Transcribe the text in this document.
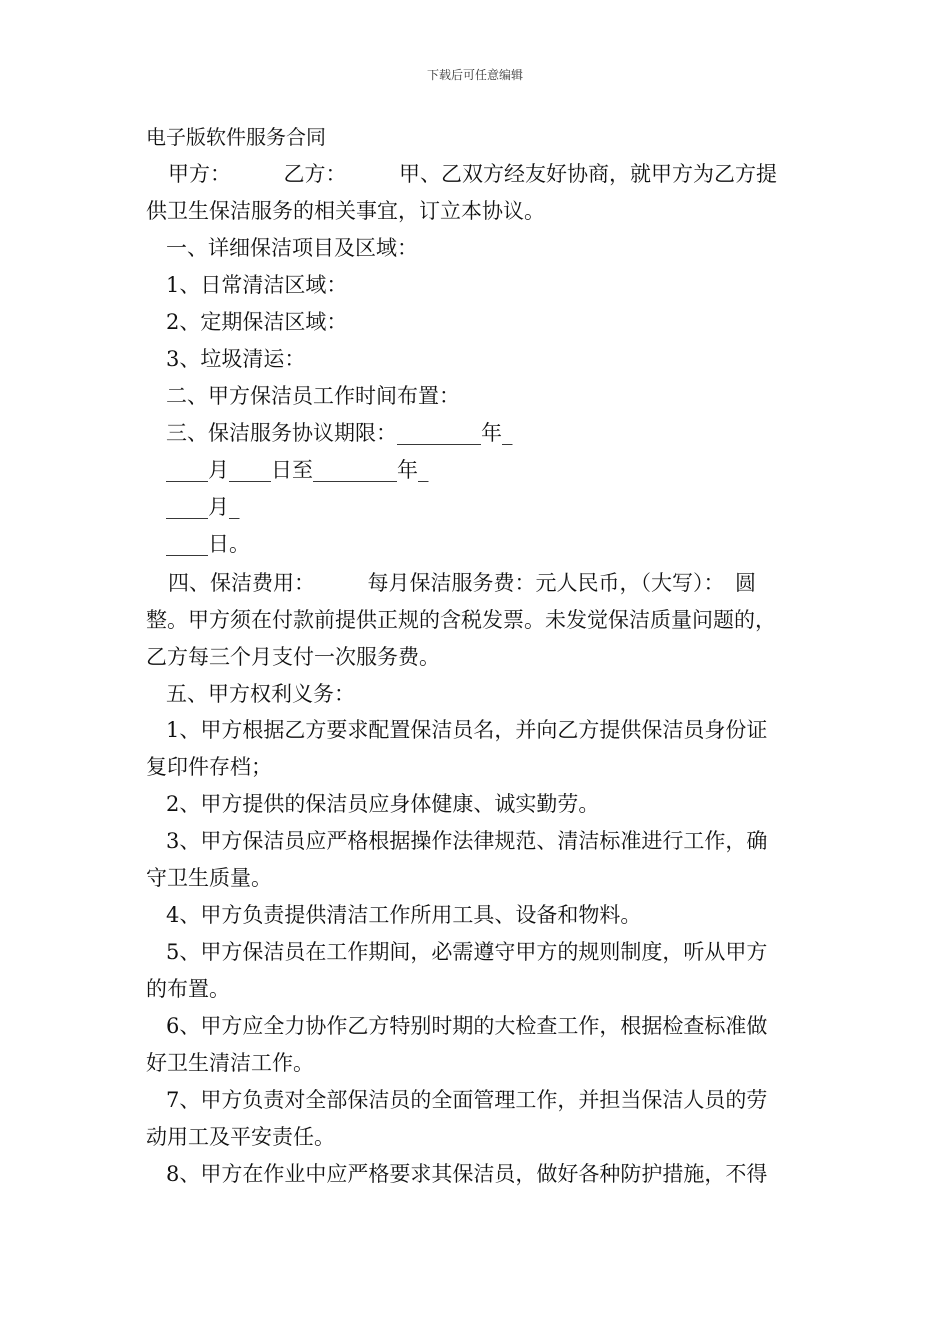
下载后可任意编辑
电子版软件服务合同
甲方：　　　乙方：　　　甲、乙双方经友好协商，就甲方为乙方提
供卫生保洁服务的相关事宜，订立本协议。
一、详细保洁项目及区域：
1、日常清洁区域：
2、定期保洁区域：
3、垃圾清运：
二、甲方保洁员工作时间布置：
三、保洁服务协议期限：________年_
____月____日至________年_
____月_
____日。
四、保洁费用：　　　每月保洁服务费：元人民币，（大写）：　圆
整。甲方须在付款前提供正规的含税发票。未发觉保洁质量问题的，
乙方每三个月支付一次服务费。
五、甲方权利义务：
1、甲方根据乙方要求配置保洁员名，并向乙方提供保洁员身份证
复印件存档；
2、甲方提供的保洁员应身体健康、诚实勤劳。
3、甲方保洁员应严格根据操作法律规范、清洁标准进行工作，确
守卫生质量。
4、甲方负责提供清洁工作所用工具、设备和物料。
5、甲方保洁员在工作期间，必需遵守甲方的规则制度，听从甲方
的布置。
6、甲方应全力协作乙方特别时期的大检查工作，根据检查标准做
好卫生清洁工作。
7、甲方负责对全部保洁员的全面管理工作，并担当保洁人员的劳
动用工及平安责任。
8、甲方在作业中应严格要求其保洁员，做好各种防护措施，不得
